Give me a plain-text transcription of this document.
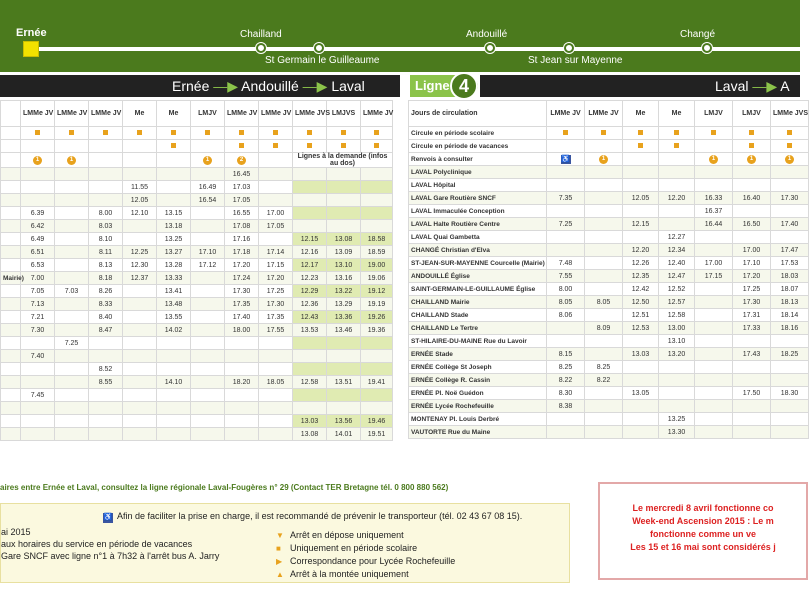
Ernée	Chailland
St Germain le Guilleaume
Andouillé
St Jean sur Mayenne
Changé
Ernée —▶ Andouillé —▶ Laval	Ligne 4	Laval —▶ A
	LMMe JV	LMMe JV	LMMe JV	Me	Me	LMJV	LMMe JV	LMMe JV	LMMe JVS	LMJVS	LMMe JV

	1	1				1	2		Lignes à la demande (infos au dos)		
							16.45				
				11.55		16.49	17.03				
				12.05		16.54	17.05				
	6.39		8.00	12.10	13.15		16.55	17.00			
	6.42		8.03		13.18		17.08	17.05			
	6.49		8.10		13.25		17.16		12.15	13.08	18.58
	6.51		8.11	12.25	13.27	17.10	17.18	17.14	12.16	13.09	18.59
	6.53		8.13	12.30	13.28	17.12	17.20	17.15	12.17	13.10	19.00
Mairie)	7.00		8.18	12.37	13.33		17.24	17.20	12.23	13.16	19.06
	7.05	7.03	8.26		13.41		17.30	17.25	12.29	13.22	19.12
	7.13		8.33		13.48		17.35	17.30	12.36	13.29	19.19
	7.21		8.40		13.55		17.40	17.35	12.43	13.36	19.26
	7.30		8.47		14.02		18.00	17.55	13.53	13.46	19.36
		7.25									
	7.40										
			8.52								
			8.55		14.10		18.20	18.05	12.58	13.51	19.41
	7.45										

									13.03	13.56	19.46
									13.08	14.01	19.51
Jours de circulation	LMMe JV	LMMe JV	Me	Me	LMJV	LMJV	LMMe JVS
Circule en période scolaire							
Circule en période de vacances							
Renvois à consulter	♿	1			1	1	1
LAVAL Polyclinique							
LAVAL Hôpital							
LAVAL Gare Routière SNCF	7.35		12.05	12.20	16.33	16.40	17.30
LAVAL Immaculée Conception					16.37		
LAVAL Halte Routière Centre	7.25		12.15		16.44	16.50	17.40
LAVAL Quai Gambetta				12.27			
CHANGÉ Christian d'Elva			12.20	12.34		17.00	17.47
ST-JEAN-SUR-MAYENNE Courcelle (Mairie)	7.48		12.26	12.40	17.00	17.10	17.53
ANDOUILLÉ Église	7.55		12.35	12.47	17.15	17.20	18.03
SAINT-GERMAIN-LE-GUILLAUME Église	8.00		12.42	12.52		17.25	18.07
CHAILLAND Mairie	8.05	8.05	12.50	12.57		17.30	18.13
CHAILLAND Stade	8.06		12.51	12.58		17.31	18.14
CHAILLAND Le Tertre		8.09	12.53	13.00		17.33	18.16
ST-HILAIRE-DU-MAINE Rue du Lavoir				13.10			
ERNÉE Stade	8.15		13.03	13.20		17.43	18.25
ERNÉE Collège St Joseph	8.25	8.25					
ERNÉE Collège R. Cassin	8.22	8.22					
ERNÉE Pl. Noë Guédon	8.30		13.05			17.50	18.30
ERNÉE Lycée Rochefeuille	8.38						
MONTENAY Pl. Louis Derbré				13.25			
VAUTORTE Rue du Maine				13.30			
aires entre Ernée et Laval, consultez la ligne régionale Laval-Fougères n° 29 (Contact TER Bretagne tél. 0 800 880 562)
♿ Afin de faciliter la prise en charge, il est recommandé de prévenir le transporteur (tél. 02 43 67 08 15).
ai 2015
aux horaires du service en période de vacances
Gare SNCF avec ligne n°1 à 7h32 à l'arrêt bus A. Jarry
▼ Arrêt en dépose uniquement
■ Uniquement en période scolaire
▶ Correspondance pour Lycée Rochefeuille
▲ Arrêt à la montée uniquement
Le mercredi 8 avril fonctionne co
Week-end Ascension 2015 : Le m
fonctionne comme un ve
Les 15 et 16 mai sont considérés j
